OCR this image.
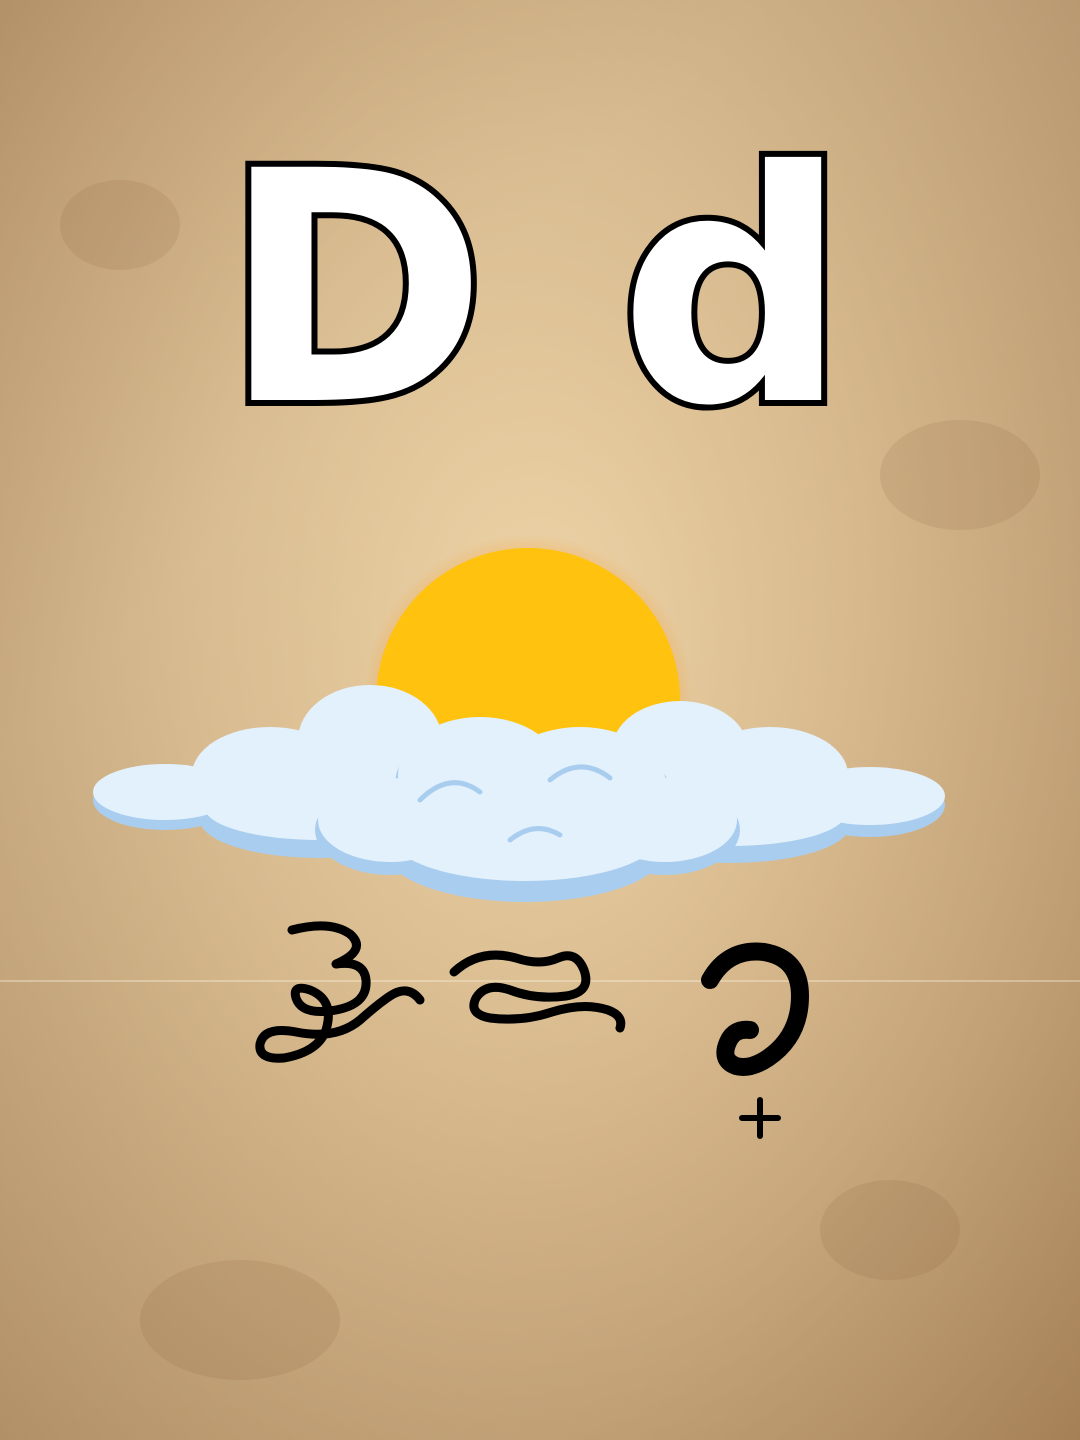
D d
